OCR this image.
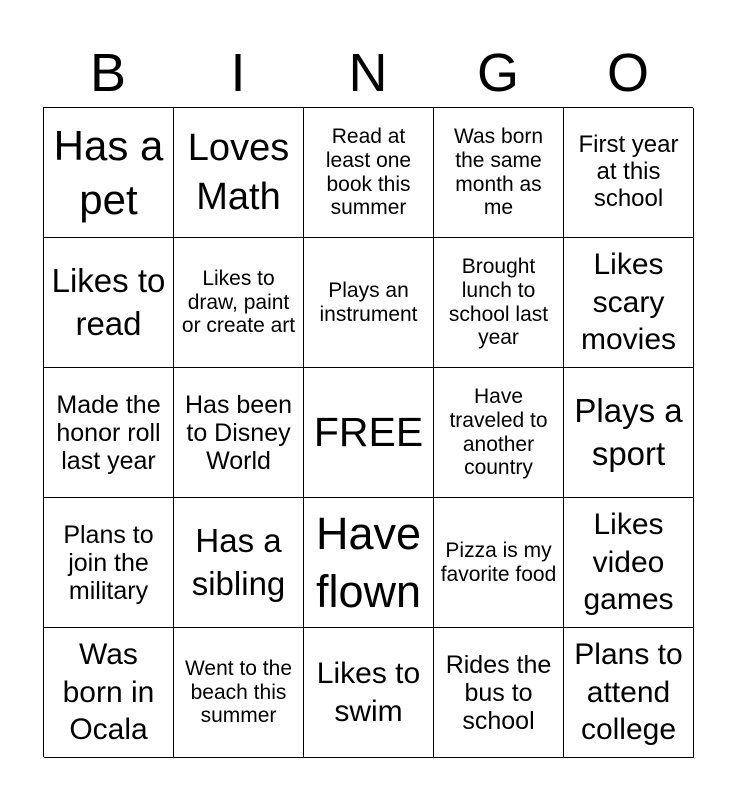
B	I	N	G	O
Has a pet
Loves Math
Read at least one book this summer
Was born the same month as me
First year at this school
Likes to read
Likes to draw, paint or create art
Plays an instrument
Brought lunch to school last year
Likes scary movies
Made the honor roll last year
Has been to Disney World
FREE
Have traveled to another country
Plays a sport
Plans to join the military
Has a sibling
Have flown
Pizza is my favorite food
Likes video games
Was born in Ocala
Went to the beach this summer
Likes to swim
Rides the bus to school
Plans to attend college
